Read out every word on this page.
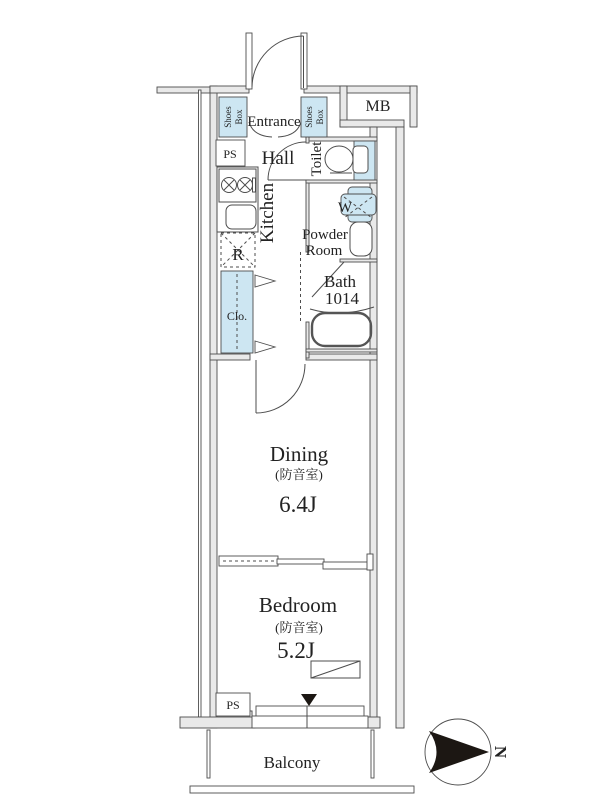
N
Shoes Box	Shoes Box
Entrance
MB
PS Hall
Kitchen
Toilet
W
Powder
Room
Bath
1014
R
Clo.
Dining
(防音室)
6.4J
Bedroom
(防音室)
5.2J
Balcony
PS
